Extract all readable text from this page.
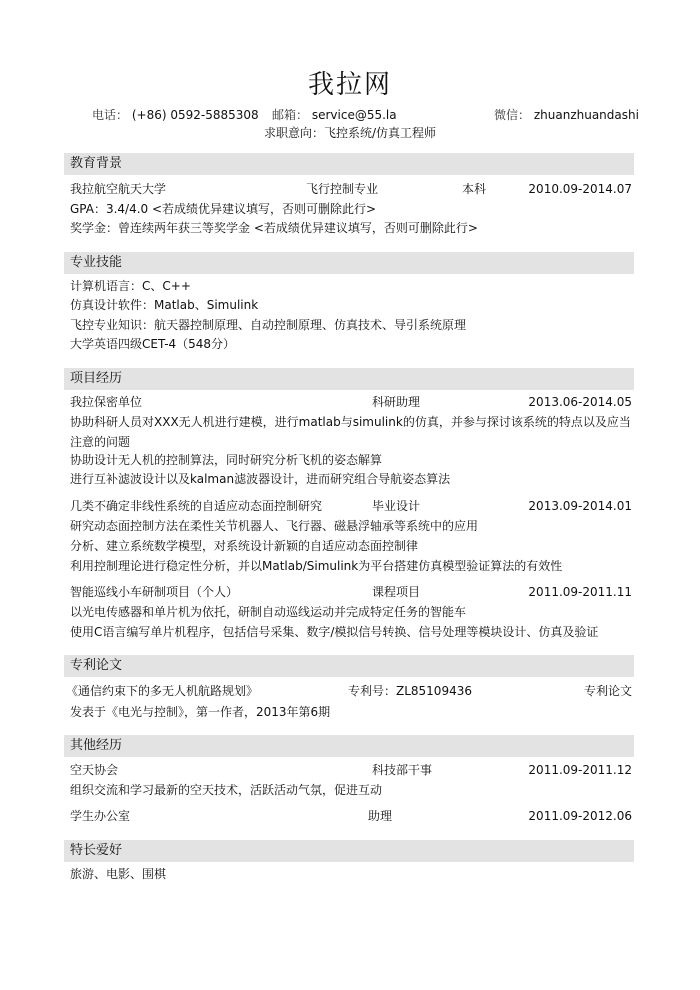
我拉网
电话： (+86) 0592-5885308 邮箱： service@55.la	微信： zhuanzhuandashi
求职意向：飞控系统/仿真工程师
教育背景
我拉航空航天大学	飞行控制专业	本科	2010.09-2014.07
GPA：3.4/4.0 <若成绩优异建议填写，否则可删除此行>
奖学金：曾连续两年获三等奖学金 <若成绩优异建议填写，否则可删除此行>
专业技能
计算机语言：C、C++
仿真设计软件：Matlab、Simulink
飞控专业知识：航天器控制原理、自动控制原理、仿真技术、导引系统原理
大学英语四级CET-4（548分）
项目经历
我拉保密单位	科研助理	2013.06-2014.05
协助科研人员对XXX无人机进行建模，进行matlab与simulink的仿真，并参与探讨该系统的特点以及应当注意的问题
协助设计无人机的控制算法，同时研究分析飞机的姿态解算
进行互补滤波设计以及kalman滤波器设计，进而研究组合导航姿态算法
几类不确定非线性系统的自适应动态面控制研究	毕业设计	2013.09-2014.01
研究动态面控制方法在柔性关节机器人、飞行器、磁悬浮轴承等系统中的应用
分析、建立系统数学模型，对系统设计新颖的自适应动态面控制律
利用控制理论进行稳定性分析，并以Matlab/Simulink为平台搭建仿真模型验证算法的有效性
智能巡线小车研制项目（个人）	课程项目	2011.09-2011.11
以光电传感器和单片机为依托，研制自动巡线运动并完成特定任务的智能车
使用C语言编写单片机程序，包括信号采集、数字/模拟信号转换、信号处理等模块设计、仿真及验证
专利论文
《通信约束下的多无人机航路规划》	专利号：ZL85109436	专利论文
发表于《电光与控制》，第一作者，2013年第6期
其他经历
空天协会	科技部干事	2011.09-2011.12
组织交流和学习最新的空天技术，活跃活动气氛，促进互动
学生办公室	助理	2011.09-2012.06
特长爱好
旅游、电影、围棋
